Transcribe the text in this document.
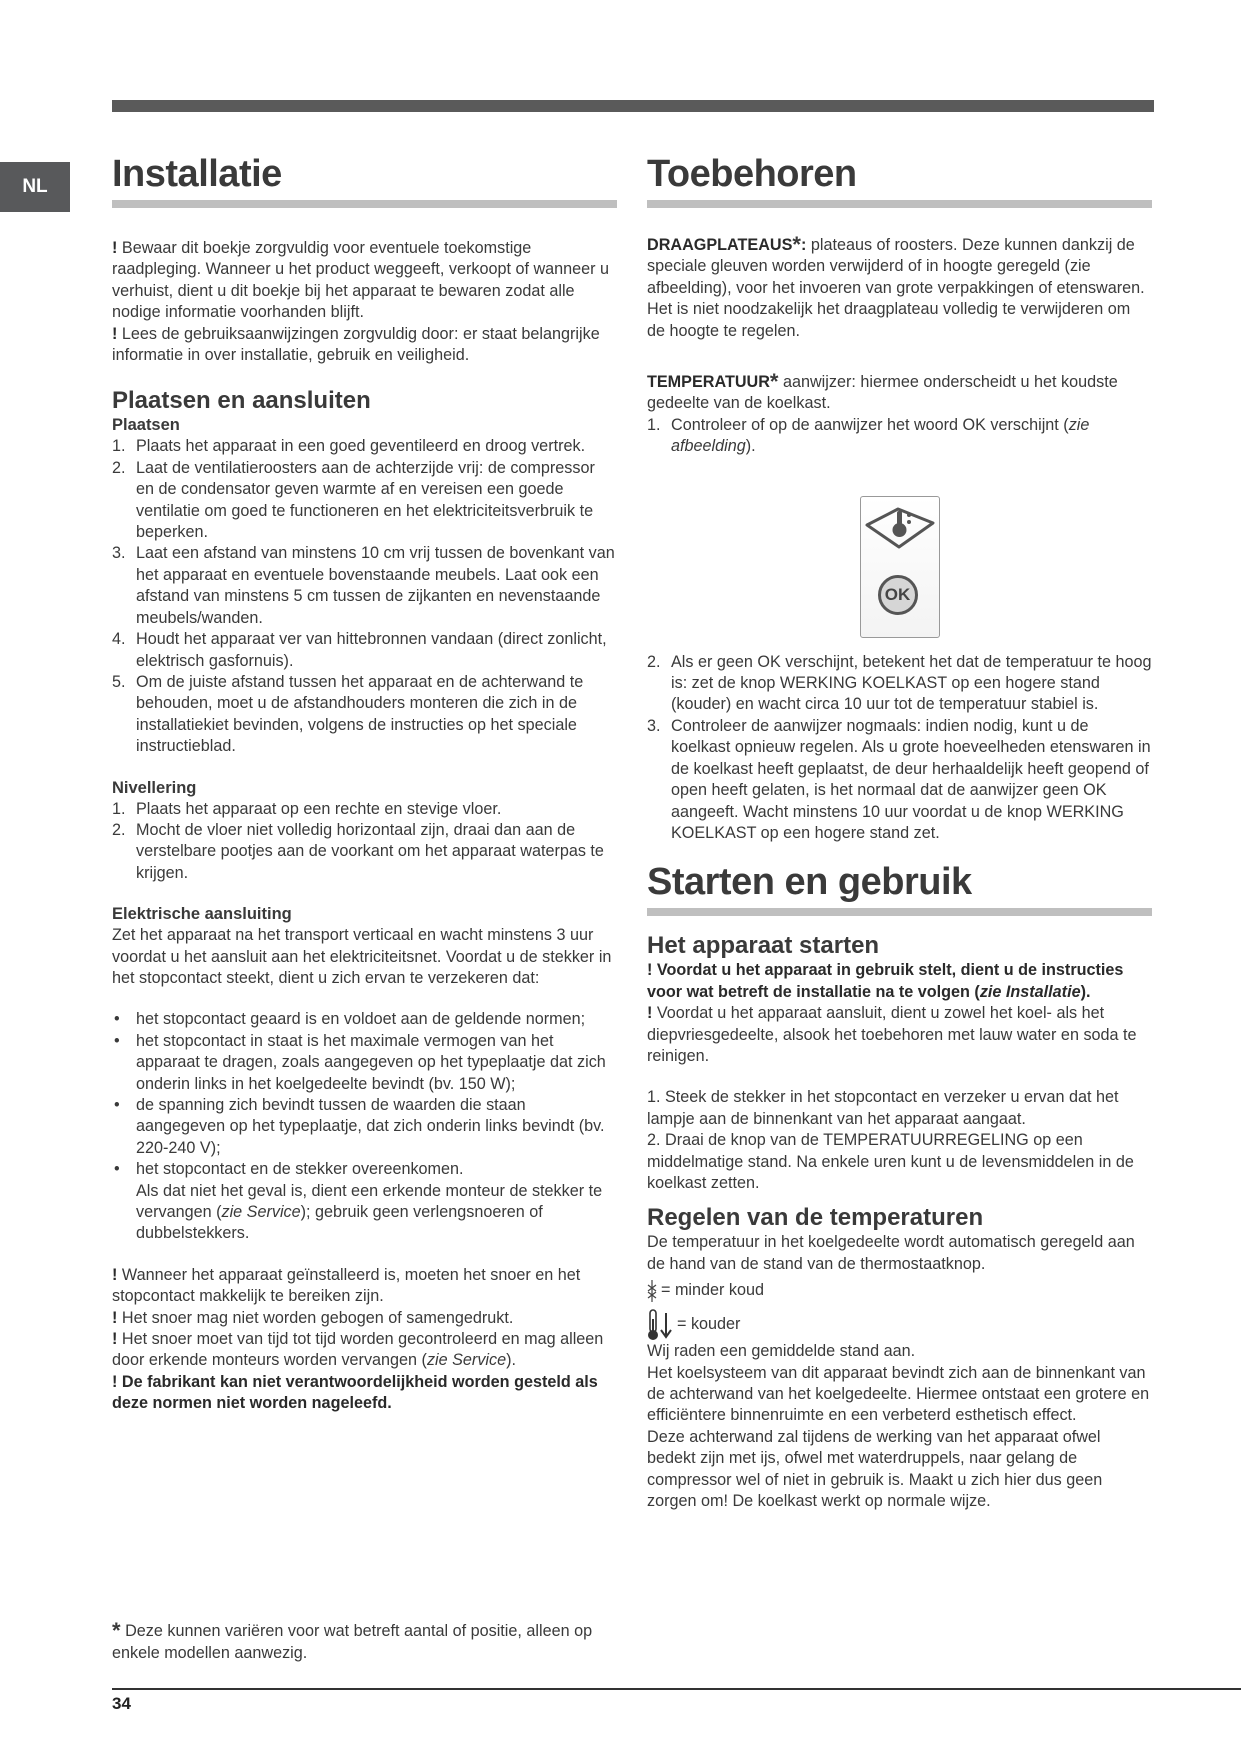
NL	Installatie

! Bewaar dit boekje zorgvuldig voor eventuele toekomstige raadpleging. Wanneer u het product weggeeft, verkoopt of wanneer u verhuist, dient u dit boekje bij het apparaat te bewaren zodat alle nodige informatie voorhanden blijft.

! Lees de gebruiksaanwijzingen zorgvuldig door: er staat belangrijke informatie in over installatie, gebruik en veiligheid.

Plaatsen en aansluiten
Plaatsen
1. Plaats het apparaat in een goed geventileerd en droog vertrek.
2. Laat de ventilatieroosters aan de achterzijde vrij: de compressor en de condensator geven warmte af en vereisen een goede ventilatie om goed te functioneren en het elektriciteitsverbruik te beperken.
3. Laat een afstand van minstens 10 cm vrij tussen de bovenkant van het apparaat en eventuele bovenstaande meubels. Laat ook een afstand van minstens 5 cm tussen de zijkanten en nevenstaande meubels/wanden.
4. Houdt het apparaat ver van hittebronnen vandaan (direct zonlicht, elektrisch gasfornuis).
5. Om de juiste afstand tussen het apparaat en de achterwand te behouden, moet u de afstandhouders monteren die zich in de installatiekiet bevinden, volgens de instructies op het speciale instructieblad.
Nivellering
1. Plaats het apparaat op een rechte en stevige vloer.
2. Mocht de vloer niet volledig horizontaal zijn, draai dan aan de verstelbare pootjes aan de voorkant om het apparaat waterpas te krijgen.
Elektrische aansluiting

Zet het apparaat na het transport verticaal en wacht minstens 3 uur voordat u het aansluit aan het elektriciteitsnet. Voordat u de stekker in het stopcontact steekt, dient u zich ervan te verzekeren dat:

• het stopcontact geaard is en voldoet aan de geldende normen;
• het stopcontact in staat is het maximale vermogen van het apparaat te dragen, zoals aangegeven op het typeplaatje dat zich onderin links in het koelgedeelte bevindt (bv. 150 W);
• de spanning zich bevindt tussen de waarden die staan aangegeven op het typeplaatje, dat zich onderin links bevindt (bv. 220-240 V);
• het stopcontact en de stekker overeenkomen.
Als dat niet het geval is, dient een erkende monteur de stekker te vervangen (zie Service); gebruik geen verlengsnoeren of dubbelstekkers.

! Wanneer het apparaat geïnstalleerd is, moeten het snoer en het stopcontact makkelijk te bereiken zijn.

! Het snoer mag niet worden gebogen of samengedrukt.

! Het snoer moet van tijd tot tijd worden gecontroleerd en mag alleen door erkende monteurs worden vervangen (zie Service).

! De fabrikant kan niet verantwoordelijkheid worden gesteld als deze normen niet worden nageleefd.

Toebehoren

DRAAGPLATEAUS*: plateaus of roosters. Deze kunnen dankzij de speciale gleuven worden verwijderd of in hoogte geregeld (zie afbeelding), voor het invoeren van grote verpakkingen of etenswaren. Het is niet noodzakelijk het draagplateau volledig te verwijderen om de hoogte te regelen.

TEMPERATUUR* aanwijzer: hiermee onderscheidt u het koudste gedeelte van de koelkast.

1. Controleer of op de aanwijzer het woord OK verschijnt (zie afbeelding).
OK
2. Als er geen OK verschijnt, betekent het dat de temperatuur te hoog is: zet de knop WERKING KOELKAST op een hogere stand (kouder) en wacht circa 10 uur tot de temperatuur stabiel is.
3. Controleer de aanwijzer nogmaals: indien nodig, kunt u de koelkast opnieuw regelen. Als u grote hoeveelheden etenswaren in de koelkast heeft geplaatst, de deur herhaaldelijk heeft geopend of open heeft gelaten, is het normaal dat de aanwijzer geen OK aangeeft. Wacht minstens 10 uur voordat u de knop WERKING KOELKAST op een hogere stand zet.
Starten en gebruik
Het apparaat starten

! Voordat u het apparaat in gebruik stelt, dient u de instructies voor wat betreft de installatie na te volgen (zie Installatie).

! Voordat u het apparaat aansluit, dient u zowel het koel- als het diepvriesgedeelte, alsook het toebehoren met lauw water en soda te reinigen.

1. Steek de stekker in het stopcontact en verzeker u ervan dat het lampje aan de binnenkant van het apparaat aangaat.

2. Draai de knop van de TEMPERATUURREGELING op een middelmatige stand. Na enkele uren kunt u de levensmiddelen in de koelkast zetten.

Regelen van de temperaturen

De temperatuur in het koelgedeelte wordt automatisch geregeld aan de hand van de stand van de thermostaatknop.

= minder koud
= kouder

Wij raden een gemiddelde stand aan.

Het koelsysteem van dit apparaat bevindt zich aan de binnenkant van de achterwand van het koelgedeelte. Hiermee ontstaat een grotere en efficiëntere binnenruimte en een verbeterd esthetisch effect.

Deze achterwand zal tijdens de werking van het apparaat ofwel bedekt zijn met ijs, ofwel met waterdruppels, naar gelang de compressor wel of niet in gebruik is. Maakt u zich hier dus geen zorgen om! De koelkast werkt op normale wijze.

* Deze kunnen variëren voor wat betreft aantal of positie, alleen op enkele modellen aanwezig.
34
